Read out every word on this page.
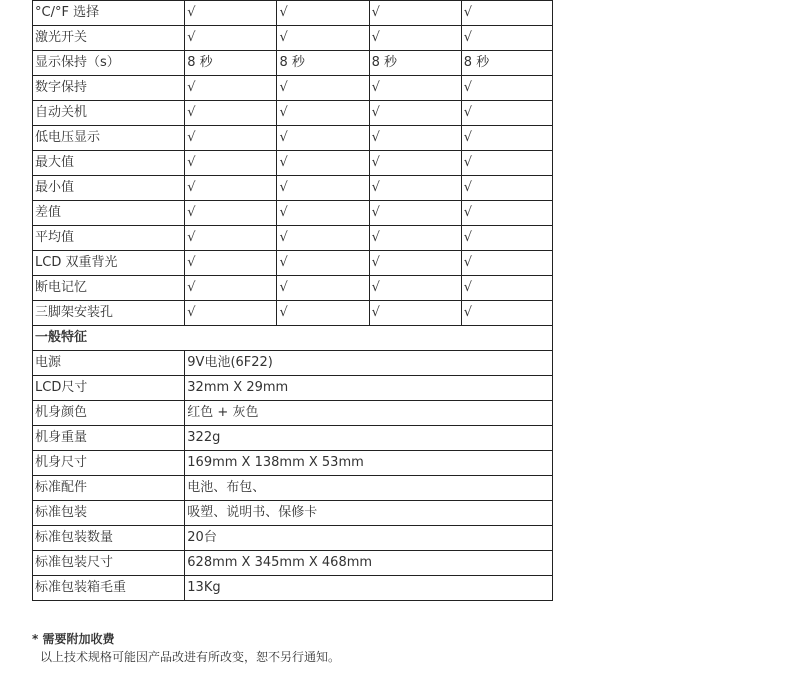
°C/°F 选择	√	√	√	√
激光开关	√	√	√	√
显示保持（s）	8 秒	8 秒	8 秒	8 秒
数字保持	√	√	√	√
自动关机	√	√	√	√
低电压显示	√	√	√	√
最大值	√	√	√	√
最小值	√	√	√	√
差值	√	√	√	√
平均值	√	√	√	√
LCD 双重背光	√	√	√	√
断电记忆	√	√	√	√
三脚架安装孔	√	√	√	√
一般特征				
电源	9V电池(6F22)			
LCD尺寸	32mm X 29mm			
机身颜色	红色 + 灰色			
机身重量	322g			
机身尺寸	169mm X 138mm X 53mm			
标准配件	电池、布包、			
标准包装	吸塑、说明书、保修卡			
标准包装数量	20台			
标准包装尺寸	628mm X 345mm X 468mm			
标准包装箱毛重	13Kg			
* 需要附加收费
以上技术规格可能因产品改进有所改变，恕不另行通知。
